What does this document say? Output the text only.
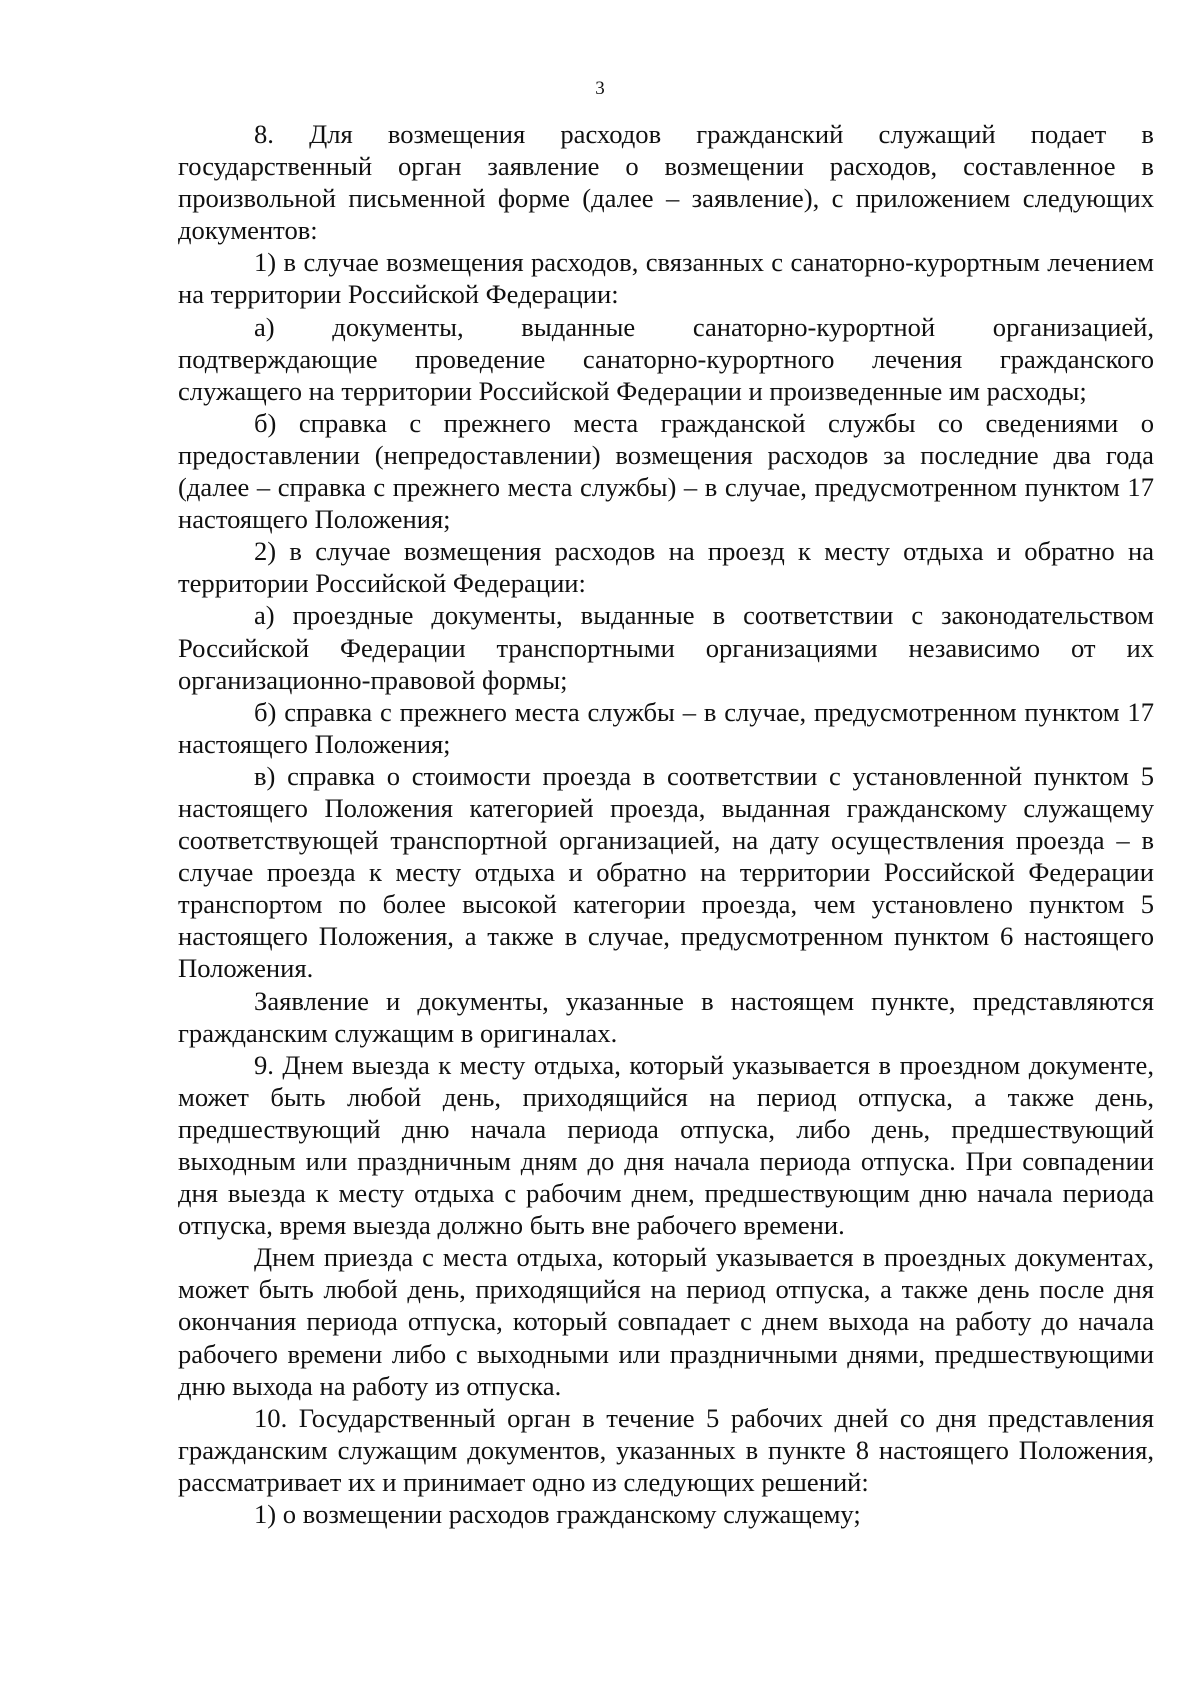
3

8. Для возмещения расходов гражданский служащий подает в государственный орган заявление о возмещении расходов, составленное в произвольной письменной форме (далее – заявление), с приложением следующих документов:

1) в случае возмещения расходов, связанных с санаторно-курортным лечением на территории Российской Федерации:

а) документы, выданные санаторно-курортной организацией, подтверждающие проведение санаторно-курортного лечения гражданского служащего на территории Российской Федерации и произведенные им расходы;

б) справка с прежнего места гражданской службы со сведениями о предоставлении (непредоставлении) возмещения расходов за последние два года (далее – справка с прежнего места службы) – в случае, предусмотренном пунктом 17 настоящего Положения;

2) в случае возмещения расходов на проезд к месту отдыха и обратно на территории Российской Федерации:

а) проездные документы, выданные в соответствии с законодательством Российской Федерации транспортными организациями независимо от их организационно-правовой формы;

б) справка с прежнего места службы – в случае, предусмотренном пунктом 17 настоящего Положения;

в) справка о стоимости проезда в соответствии с установленной пунктом 5 настоящего Положения категорией проезда, выданная гражданскому служащему соответствующей транспортной организацией, на дату осуществления проезда – в случае проезда к месту отдыха и обратно на территории Российской Федерации транспортом по более высокой категории проезда, чем установлено пунктом 5 настоящего Положения, а также в случае, предусмотренном пунктом 6 настоящего Положения.

Заявление и документы, указанные в настоящем пункте, представляются гражданским служащим в оригиналах.

9. Днем выезда к месту отдыха, который указывается в проездном документе, может быть любой день, приходящийся на период отпуска, а также день, предшествующий дню начала периода отпуска, либо день, предшествующий выходным или праздничным дням до дня начала периода отпуска. При совпадении дня выезда к месту отдыха с рабочим днем, предшествующим дню начала периода отпуска, время выезда должно быть вне рабочего времени.

Днем приезда с места отдыха, который указывается в проездных документах, может быть любой день, приходящийся на период отпуска, а также день после дня окончания периода отпуска, который совпадает с днем выхода на работу до начала рабочего времени либо с выходными или праздничными днями, предшествующими дню выхода на работу из отпуска.

10. Государственный орган в течение 5 рабочих дней со дня представления гражданским служащим документов, указанных в пункте 8 настоящего Положения, рассматривает их и принимает одно из следующих решений:

1) о возмещении расходов гражданскому служащему;
